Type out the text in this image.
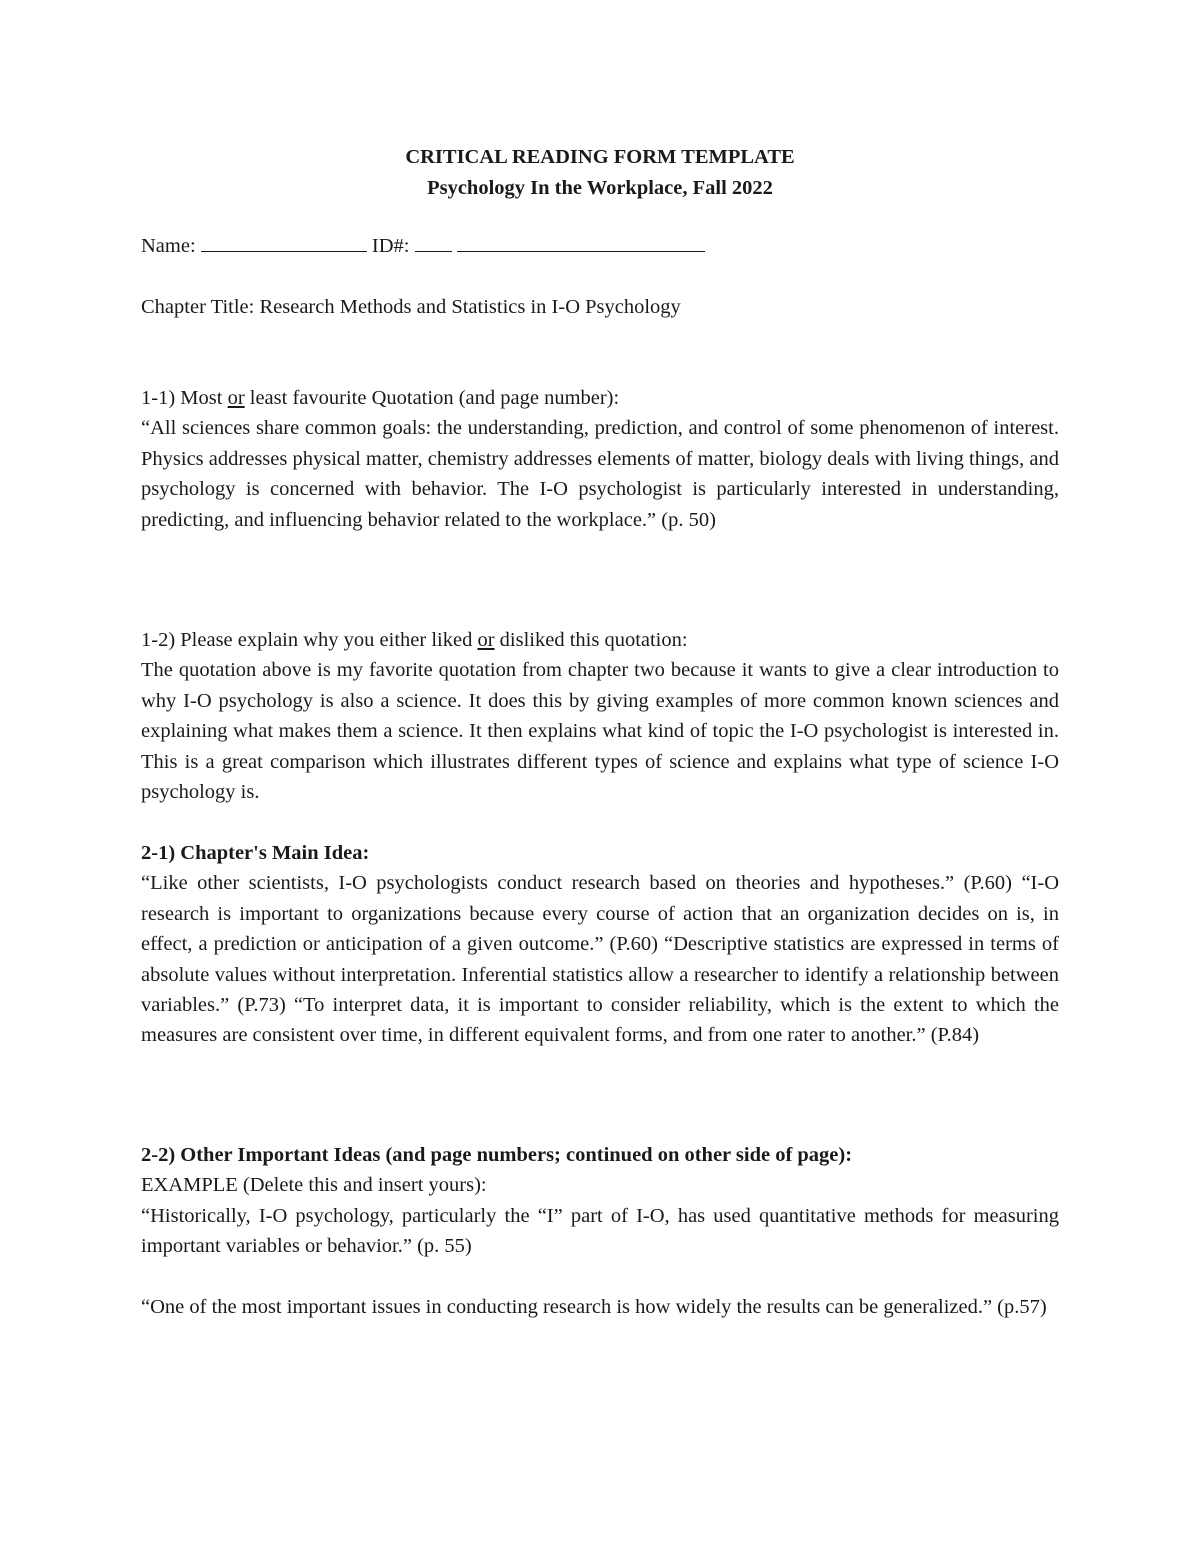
CRITICAL READING FORM TEMPLATE

Psychology In the Workplace, Fall 2022

Name:	ID#:

Chapter Title: Research Methods and Statistics in I-O Psychology

1-1) Most or least favourite Quotation (and page number):

“All sciences share common goals: the understanding, prediction, and control of some phenomenon of interest. Physics addresses physical matter, chemistry addresses elements of matter, biology deals with living things, and psychology is concerned with behavior. The I-O psychologist is particularly interested in understanding, predicting, and influencing behavior related to the workplace.” (p. 50)

1-2) Please explain why you either liked or disliked this quotation:

The quotation above is my favorite quotation from chapter two because it wants to give a clear introduction to why I-O psychology is also a science. It does this by giving examples of more common known sciences and explaining what makes them a science. It then explains what kind of topic the I-O psychologist is interested in. This is a great comparison which illustrates different types of science and explains what type of science I-O psychology is.

2-1) Chapter's Main Idea:

“Like other scientists, I-O psychologists conduct research based on theories and hypotheses.” (P.60) “I-O research is important to organizations because every course of action that an organization decides on is, in effect, a prediction or anticipation of a given outcome.” (P.60) “Descriptive statistics are expressed in terms of absolute values without interpretation. Inferential statistics allow a researcher to identify a relationship between variables.” (P.73) “To interpret data, it is important to consider reliability, which is the extent to which the measures are consistent over time, in different equivalent forms, and from one rater to another.” (P.84)

2-2) Other Important Ideas (and page numbers; continued on other side of page):

EXAMPLE (Delete this and insert yours):

“Historically, I-O psychology, particularly the “I” part of I-O, has used quantitative methods for measuring important variables or behavior.” (p. 55)

“One of the most important issues in conducting research is how widely the results can be generalized.” (p.57)
